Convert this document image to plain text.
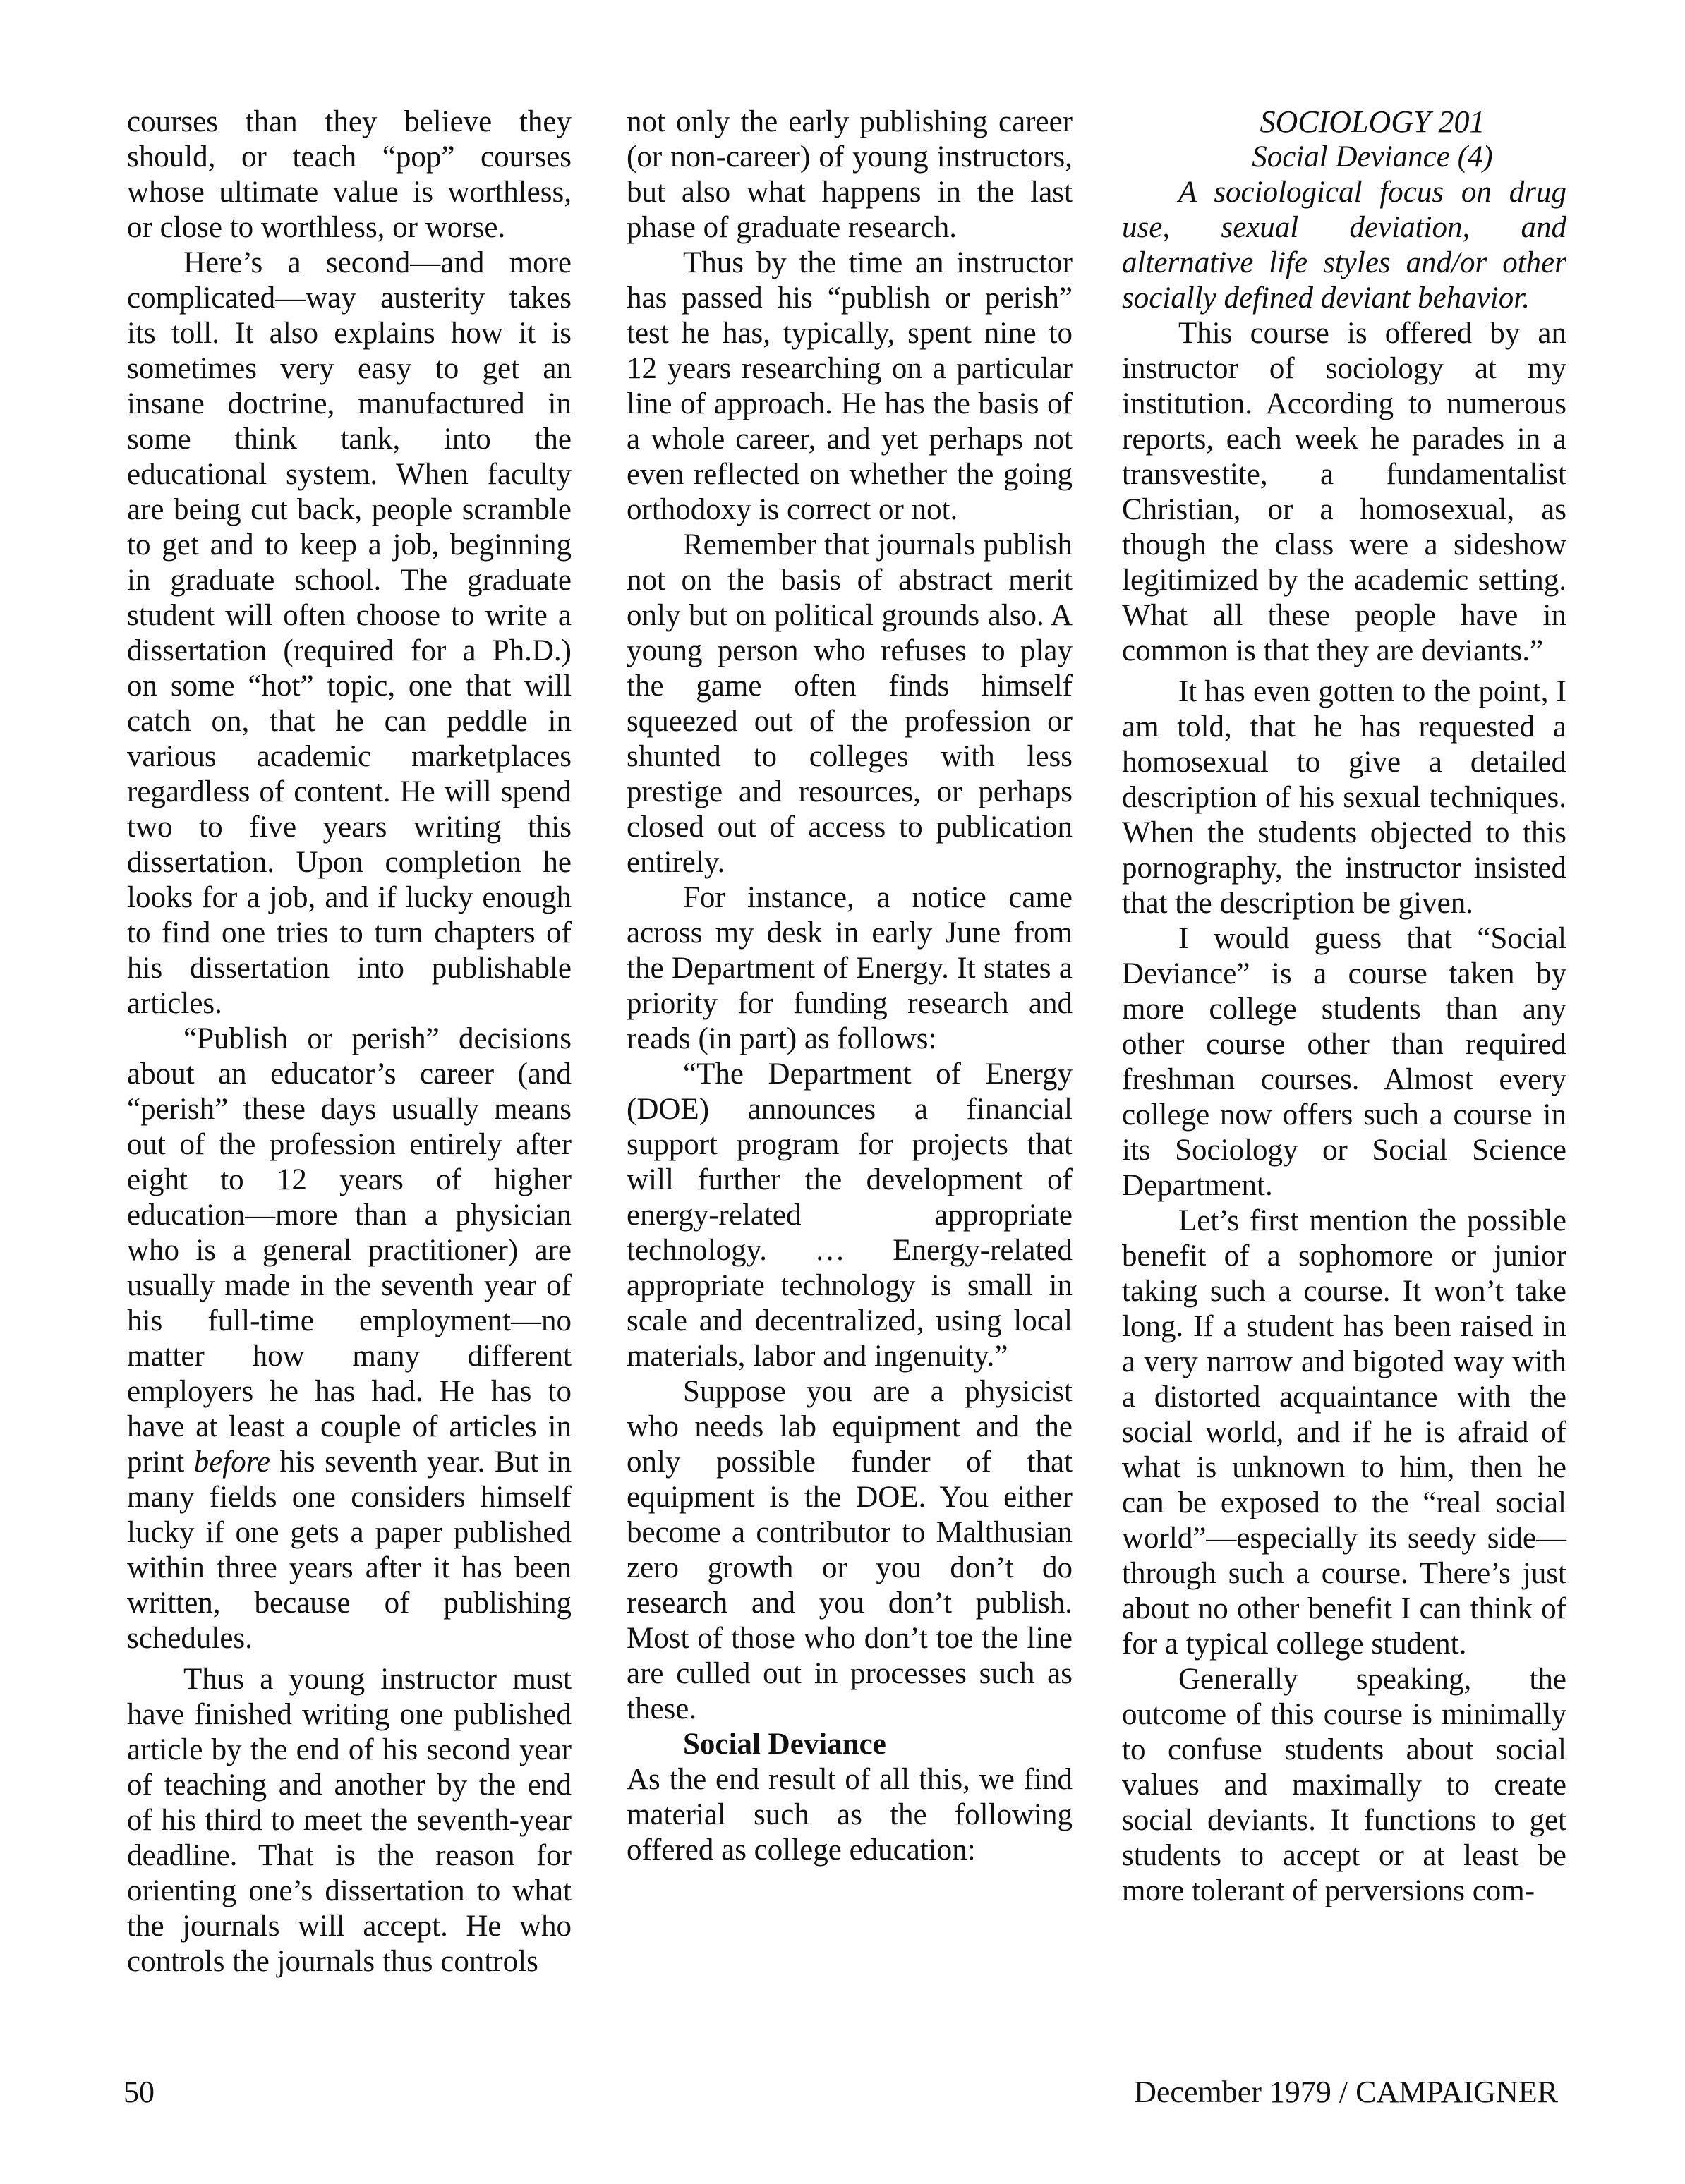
courses than they believe they should, or teach “pop” courses whose ultimate value is worthless, or close to worthless, or worse.

Here’s a second—and more complicated—way austerity takes its toll. It also explains how it is sometimes very easy to get an insane doctrine, manufactured in some think tank, into the educational system. When faculty are being cut back, people scramble to get and to keep a job, beginning in graduate school. The graduate student will often choose to write a dissertation (required for a Ph.D.) on some “hot” topic, one that will catch on, that he can peddle in various academic marketplaces regardless of content. He will spend two to five years writing this dissertation. Upon completion he looks for a job, and if lucky enough to find one tries to turn chapters of his dissertation into publishable articles.

“Publish or perish” decisions about an educator’s career (and “perish” these days usually means out of the profession entirely after eight to 12 years of higher education—more than a physician who is a general practitioner) are usually made in the seventh year of his full-time employment—no matter how many different employers he has had. He has to have at least a couple of articles in print before his seventh year. But in many fields one considers himself lucky if one gets a paper published within three years after it has been written, because of publishing schedules.

Thus a young instructor must have finished writing one published article by the end of his second year of teaching and another by the end of his third to meet the seventh-year deadline. That is the reason for orienting one’s dissertation to what the journals will accept. He who controls the journals thus controls

not only the early publishing career (or non-career) of young instructors, but also what happens in the last phase of graduate research.

Thus by the time an instructor has passed his “publish or perish” test he has, typically, spent nine to 12 years researching on a particular line of approach. He has the basis of a whole career, and yet perhaps not even reflected on whether the going orthodoxy is correct or not.

Remember that journals publish not on the basis of abstract merit only but on political grounds also. A young person who refuses to play the game often finds himself squeezed out of the profession or shunted to colleges with less prestige and resources, or perhaps closed out of access to publication entirely.

For instance, a notice came across my desk in early June from the Department of Energy. It states a priority for funding research and reads (in part) as follows:

“The Department of Energy (DOE) announces a financial support program for projects that will further the development of energy-related appropriate technology. … Energy-related appropriate technology is small in scale and decentralized, using local materials, labor and ingenuity.”

Suppose you are a physicist who needs lab equipment and the only possible funder of that equipment is the DOE. You either become a contributor to Malthusian zero growth or you don’t do research and you don’t publish. Most of those who don’t toe the line are culled out in processes such as these.

Social Deviance

As the end result of all this, we find material such as the following offered as college education:

SOCIOLOGY 201

Social Deviance (4)

A sociological focus on drug use, sexual deviation, and alternative life styles and/or other socially defined deviant behavior.

This course is offered by an instructor of sociology at my institution. According to numerous reports, each week he parades in a transvestite, a fundamentalist Christian, or a homosexual, as though the class were a sideshow legitimized by the academic setting. What all these people have in common is that they are deviants.”

It has even gotten to the point, I am told, that he has requested a homosexual to give a detailed description of his sexual techniques. When the students objected to this pornography, the instructor insisted that the description be given.

I would guess that “Social Deviance” is a course taken by more college students than any other course other than required freshman courses. Almost every college now offers such a course in its Sociology or Social Science Department.

Let’s first mention the possible benefit of a sophomore or junior taking such a course. It won’t take long. If a student has been raised in a very narrow and bigoted way with a distorted acquaintance with the social world, and if he is afraid of what is unknown to him, then he can be exposed to the “real social world”—especially its seedy side—through such a course. There’s just about no other benefit I can think of for a typical college student.

Generally speaking, the outcome of this course is minimally to confuse students about social values and maximally to create social deviants. It functions to get students to accept or at least be more tolerant of perversions com-

50	December 1979 / CAMPAIGNER
